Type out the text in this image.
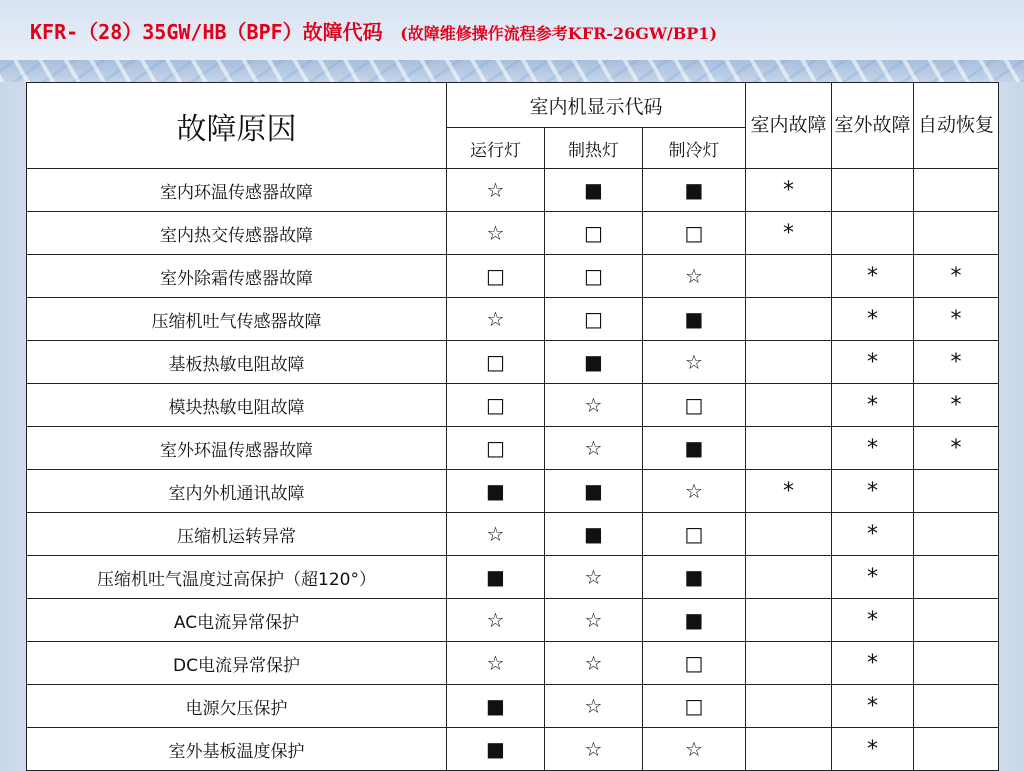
KFR-（28）35GW/HB（BPF）故障代码 (故障维修操作流程参考KFR-26GW/BP1)
故障原因	室内机显示代码			室内故障	室外故障	自动恢复
	运行灯	制热灯	制冷灯			
室内环温传感器故障	☆	■	■	*		
室内热交传感器故障	☆	□	□	*		
室外除霜传感器故障	□	□	☆		*	*
压缩机吐气传感器故障	☆	□	■		*	*
基板热敏电阻故障	□	■	☆		*	*
模块热敏电阻故障	□	☆	□		*	*
室外环温传感器故障	□	☆	■		*	*
室内外机通讯故障	■	■	☆	*	*	
压缩机运转异常	☆	■	□		*	
压缩机吐气温度过高保护（超120°）	■	☆	■		*	
AC电流异常保护	☆	☆	■		*	
DC电流异常保护	☆	☆	□		*	
电源欠压保护	■	☆	□		*	
室外基板温度保护	■	☆	☆		*	
